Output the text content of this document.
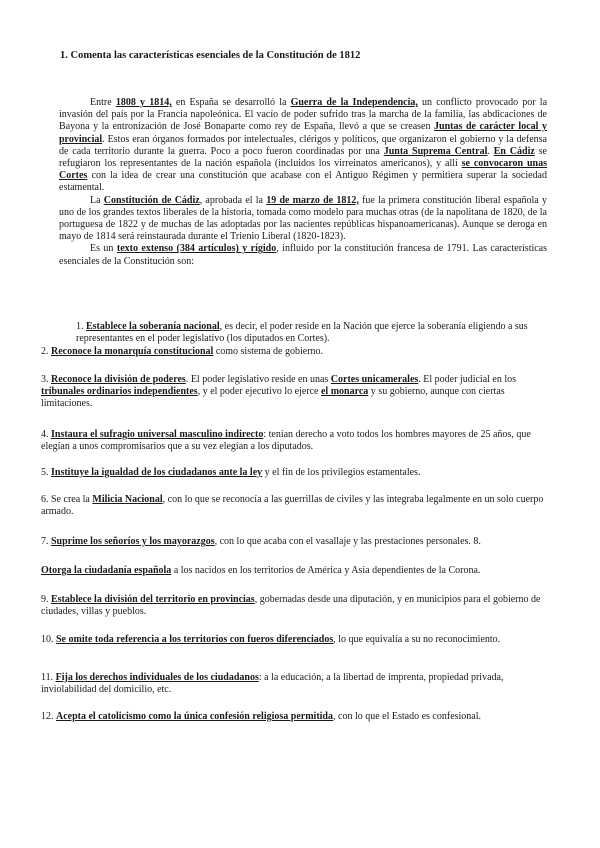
1. Comenta las características esenciales de la Constitución de 1812

Entre 1808 y 1814, en España se desarrolló la Guerra de la Independencia, un conflicto provocado por la invasión del país por la Francia napoleónica. El vacío de poder sufrido tras la marcha de la familia, las abdicaciones de Bayona y la entronización de José Bonaparte como rey de España, llevó a que se creasen Juntas de carácter local y provincial. Estos eran órganos formados por intelectuales, clérigos y políticos, que organizaron el gobierno y la defensa de cada territorio durante la guerra. Poco a poco fueron coordinadas por una Junta Suprema Central. En Cádiz se refugiaron los representantes de la nación española (incluidos los virreinatos americanos), y allí se convocaron unas Cortes con la idea de crear una constitución que acabase con el Antiguo Régimen y permitiera superar la sociedad estamental.

La Constitución de Cádiz, aprobada el la 19 de marzo de 1812, fue la primera constitución liberal española y uno de los grandes textos liberales de la historia, tomada como modelo para muchas otras (de la napolitana de 1820, de la portuguesa de 1822 y de muchas de las adoptadas por las nacientes repúblicas hispanoamericanas). Aunque se deroga en mayo de 1814 será reinstaurada durante el Trienio Liberal (1820-1823).

Es un texto extenso (384 artículos) y rígido, influido por la constitución francesa de 1791. Las características esenciales de la Constitución son:

1. Establece la soberanía nacional, es decir, el poder reside en la Nación que ejerce la soberanía eligiendo a sus representantes en el poder legislativo (los diputados en Cortes).
2. Reconoce la monarquía constitucional como sistema de gobierno.
3. Reconoce la división de poderes. El poder legislativo reside en unas Cortes unicamerales. El poder judicial en los tribunales ordinarios independientes, y el poder ejecutivo lo ejerce el monarca y su gobierno, aunque con ciertas limitaciones.
4. Instaura el sufragio universal masculino indirecto: tenían derecho a voto todos los hombres mayores de 25 años, que elegían a unos compromisarios que a su vez elegían a los diputados.
5. Instituye la igualdad de los ciudadanos ante la ley y el fin de los privilegios estamentales.
6. Se crea la Milicia Nacional, con lo que se reconocía a las guerrillas de civiles y las integraba legalmente en un solo cuerpo armado.
7. Suprime los señoríos y los mayorazgos, con lo que acaba con el vasallaje y las prestaciones personales. 8.
Otorga la ciudadanía española a los nacidos en los territorios de América y Asia dependientes de la Corona.
9. Establece la división del territorio en provincias, gobernadas desde una diputación, y en municipios para el gobierno de ciudades, villas y pueblos.
10. Se omite toda referencia a los territorios con fueros diferenciados, lo que equivalía a su no reconocimiento.
11. Fija los derechos individuales de los ciudadanos: a la educación, a la libertad de imprenta, propiedad privada, inviolabilidad del domicilio, etc.
12. Acepta el catolicismo como la única confesión religiosa permitida, con lo que el Estado es confesional.
